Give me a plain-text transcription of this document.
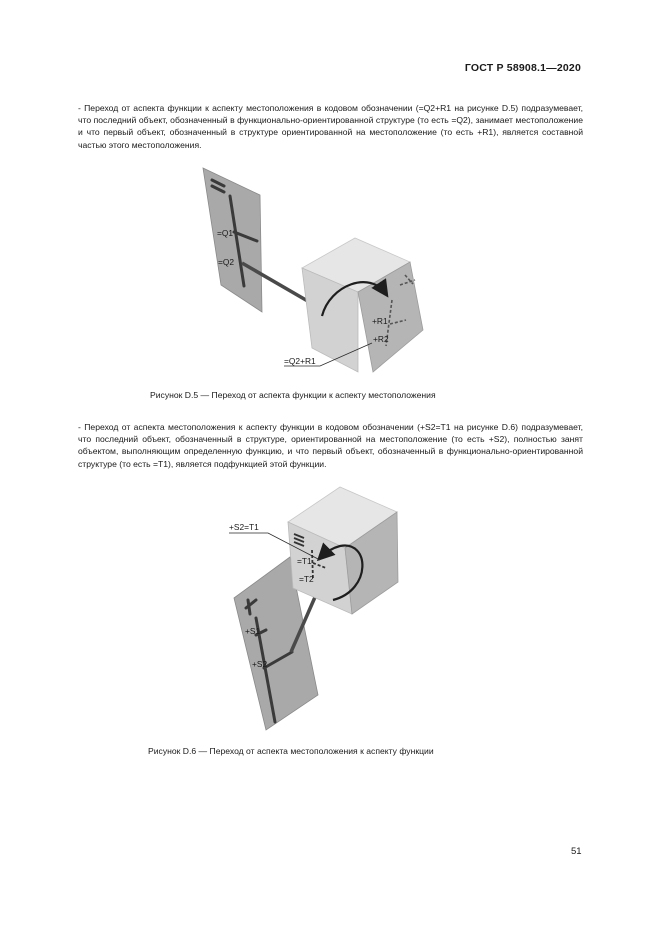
ГОСТ Р 58908.1—2020

- Переход от аспекта функции к аспекту местоположения в кодовом обозначении (=Q2+R1 на рисунке D.5) подразумевает, что последний объект, обозначенный в функционально-ориентированной структуре (то есть =Q2), занимает местоположение и что первый объект, обозначенный в структуре ориентированной на местоположение (то есть +R1), является составной частью этого местоположения.

=Q1
=Q2
+R1
+R2
=Q2+R1
Рисунок D.5 — Переход от аспекта функции к аспекту местоположения

- Переход от аспекта местоположения к аспекту функции в кодовом обозначении (+S2=T1 на рисунке D.6) подразумевает, что последний объект, обозначенный в структуре, ориентированной на местоположение (то есть +S2), полностью занят объектом, выполняющим определенную функцию, и что первый объект, обозначенный в функционально-ориентированной структуре (то есть =T1), является подфункцией этой функции.

+S2=T1
=T1
=T2
+S1
+S2
Рисунок D.6 — Переход от аспекта местоположения к аспекту функции
51
